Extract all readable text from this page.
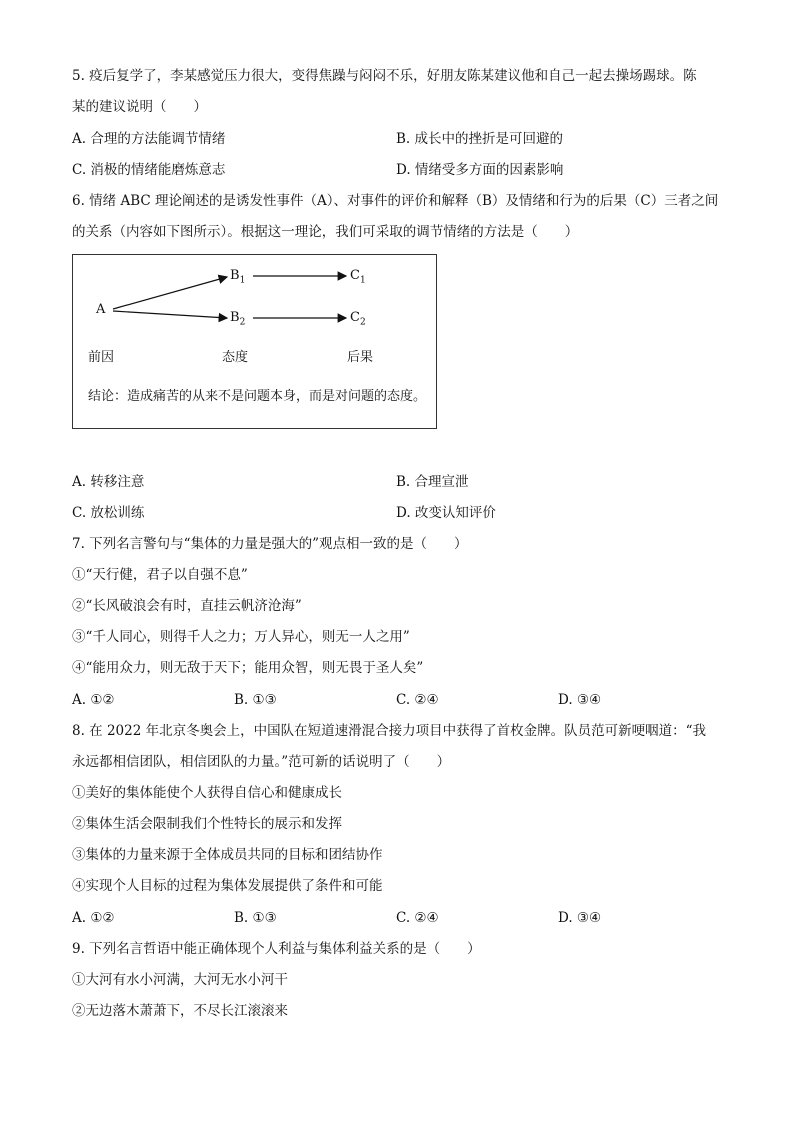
5. 疫后复学了，李某感觉压力很大，变得焦躁与闷闷不乐，好朋友陈某建议他和自己一起去操场踢球。陈
某的建议说明（　　）
A. 合理的方法能调节情绪	B. 成长中的挫折是可回避的
C. 消极的情绪能磨炼意志	D. 情绪受多方面的因素影响
6. 情绪 ABC 理论阐述的是诱发性事件（A）、对事件的评价和解释（B）及情绪和行为的后果（C）三者之间
的关系（内容如下图所示）。根据这一理论，我们可采取的调节情绪的方法是（　　）
A
$B_1$
$B_2$
$C_1$
$C_2$
前因	态度	后果
结论：造成痛苦的从来不是问题本身，而是对问题的态度。
A. 转移注意	B. 合理宣泄
C. 放松训练	D. 改变认知评价
7. 下列名言警句与“集体的力量是强大的”观点相一致的是（　　）
①“天行健，君子以自强不息”
②“长风破浪会有时，直挂云帆济沧海”
③“千人同心，则得千人之力；万人异心，则无一人之用”
④“能用众力，则无敌于天下；能用众智，则无畏于圣人矣”
A. ①②	B. ①③	C. ②④	D. ③④
8. 在 2022 年北京冬奥会上，中国队在短道速滑混合接力项目中获得了首枚金牌。队员范可新哽咽道：“我
永远都相信团队，相信团队的力量。”范可新的话说明了（　　）
①美好的集体能使个人获得自信心和健康成长
②集体生活会限制我们个性特长的展示和发挥
③集体的力量来源于全体成员共同的目标和团结协作
④实现个人目标的过程为集体发展提供了条件和可能
A. ①②	B. ①③	C. ②④	D. ③④
9. 下列名言哲语中能正确体现个人利益与集体利益关系的是（　　）
①大河有水小河满，大河无水小河干
②无边落木萧萧下，不尽长江滚滚来
